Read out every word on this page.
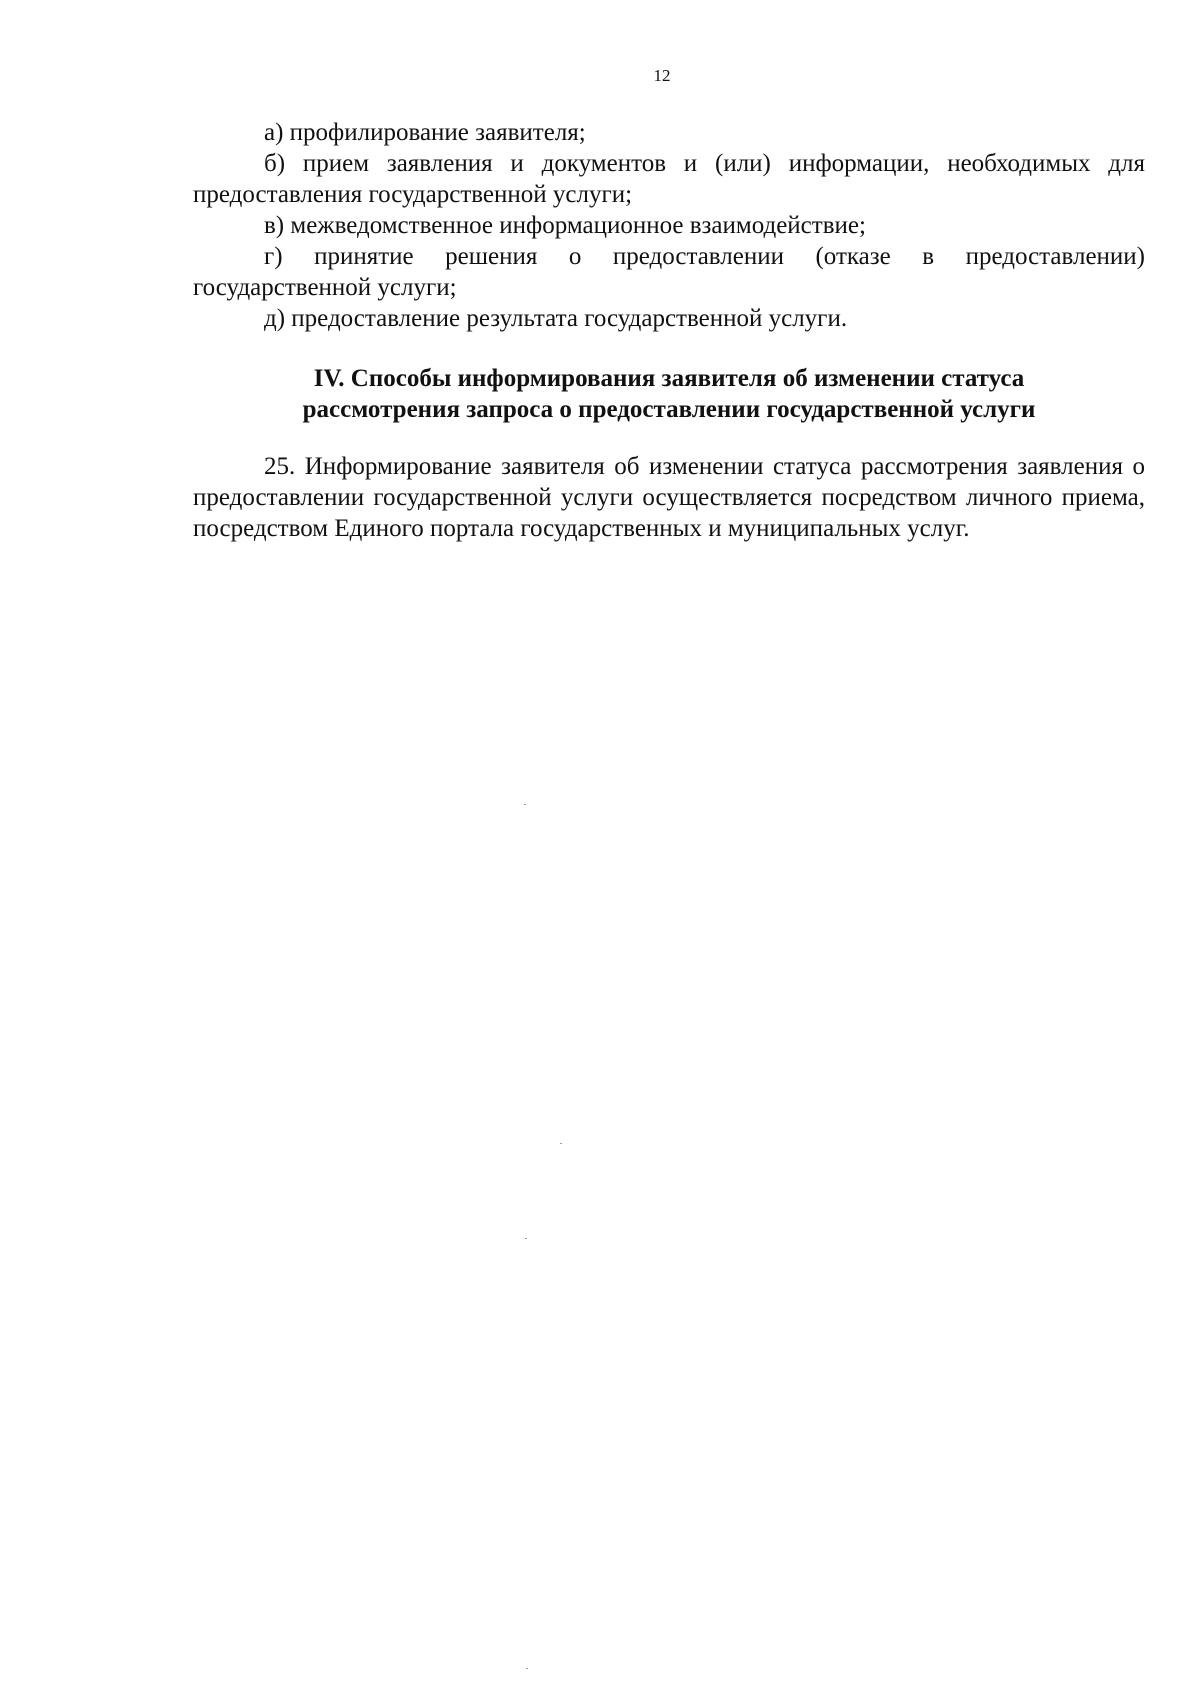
12

а) профилирование заявителя;

б) прием заявления и документов и (или) информации, необходимых для предоставления государственной услуги;

в) межведомственное информационное взаимодействие;

г) принятие решения о предоставлении (отказе в предоставлении) государственной услуги;

д) предоставление результата государственной услуги.

IV. Способы информирования заявителя об изменении статуса
рассмотрения запроса о предоставлении государственной услуги

25. Информирование заявителя об изменении статуса рассмотрения заявления о предоставлении государственной услуги осуществляется посредством личного приема, посредством Единого портала государственных и муниципальных услуг.
